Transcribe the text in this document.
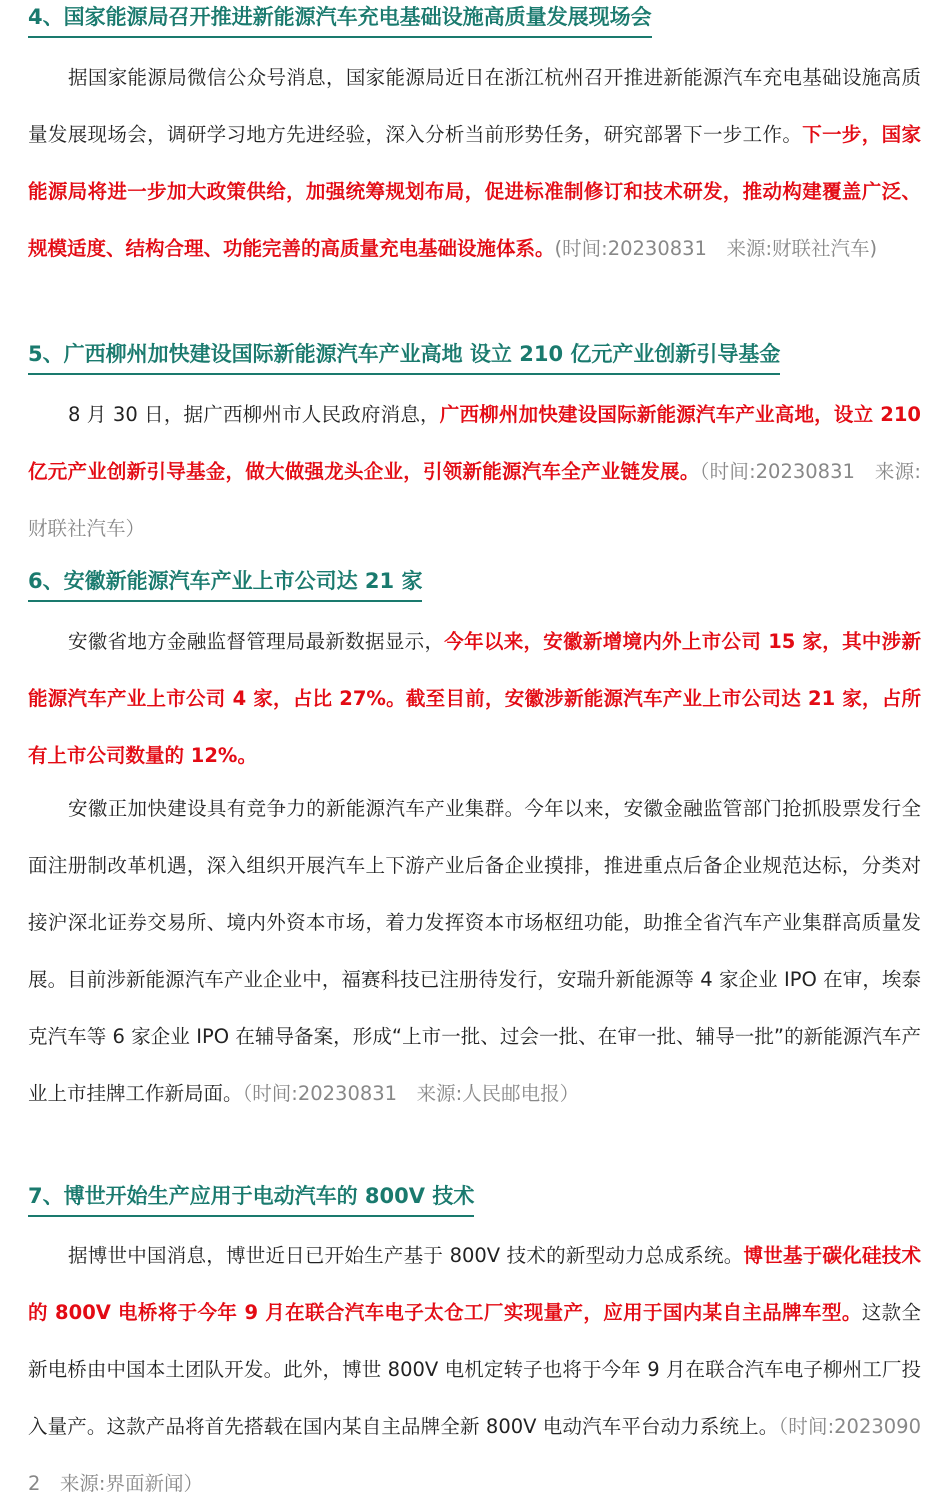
4、国家能源局召开推进新能源汽车充电基础设施高质量发展现场会

据国家能源局微信公众号消息，国家能源局近日在浙江杭州召开推进新能源汽车充电基础设施高质量发展现场会，调研学习地方先进经验，深入分析当前形势任务，研究部署下一步工作。下一步，国家能源局将进一步加大政策供给，加强统筹规划布局，促进标准制修订和技术研发，推动构建覆盖广泛、规模适度、结构合理、功能完善的高质量充电基础设施体系。(时间:20230831　来源:财联社汽车)

5、广西柳州加快建设国际新能源汽车产业高地 设立 210 亿元产业创新引导基金

8 月 30 日，据广西柳州市人民政府消息，广西柳州加快建设国际新能源汽车产业高地，设立 210 亿元产业创新引导基金，做大做强龙头企业，引领新能源汽车全产业链发展。（时间:20230831　来源:财联社汽车）

6、安徽新能源汽车产业上市公司达 21 家

安徽省地方金融监督管理局最新数据显示，今年以来，安徽新增境内外上市公司 15 家，其中涉新能源汽车产业上市公司 4 家，占比 27%。截至目前，安徽涉新能源汽车产业上市公司达 21 家，占所有上市公司数量的 12%。

安徽正加快建设具有竞争力的新能源汽车产业集群。今年以来，安徽金融监管部门抢抓股票发行全面注册制改革机遇，深入组织开展汽车上下游产业后备企业摸排，推进重点后备企业规范达标，分类对接沪深北证券交易所、境内外资本市场，着力发挥资本市场枢纽功能，助推全省汽车产业集群高质量发展。目前涉新能源汽车产业企业中，福赛科技已注册待发行，安瑞升新能源等 4 家企业 IPO 在审，埃泰克汽车等 6 家企业 IPO 在辅导备案，形成“上市一批、过会一批、在审一批、辅导一批”的新能源汽车产业上市挂牌工作新局面。（时间:20230831　来源:人民邮电报）

7、博世开始生产应用于电动汽车的 800V 技术

据博世中国消息，博世近日已开始生产基于 800V 技术的新型动力总成系统。博世基于碳化硅技术的 800V 电桥将于今年 9 月在联合汽车电子太仓工厂实现量产，应用于国内某自主品牌车型。这款全新电桥由中国本土团队开发。此外，博世 800V 电机定转子也将于今年 9 月在联合汽车电子柳州工厂投入量产。这款产品将首先搭载在国内某自主品牌全新 800V 电动汽车平台动力系统上。（时间:20230902　来源:界面新闻）
